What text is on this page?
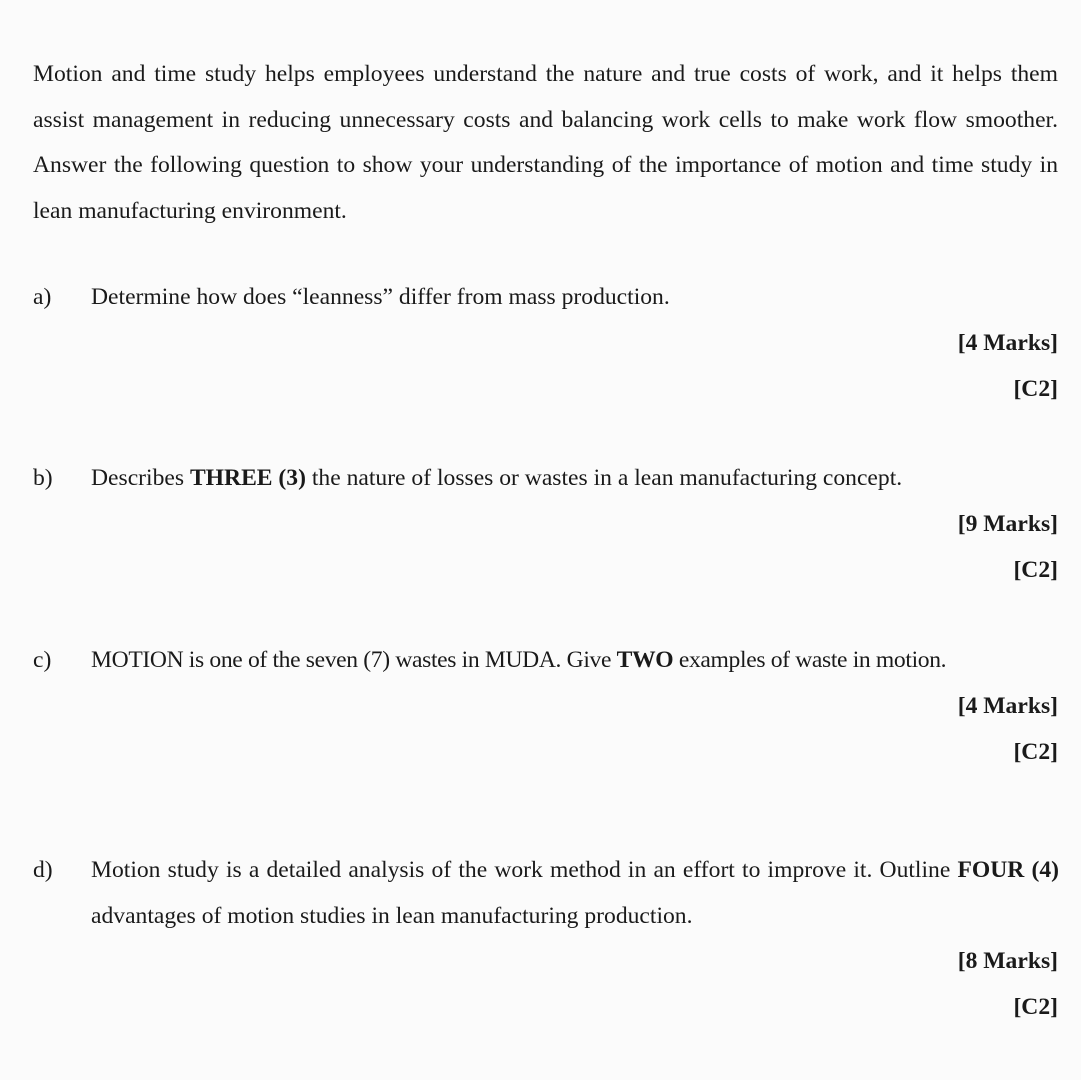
Motion and time study helps employees understand the nature and true costs of work, and it helps them assist management in reducing unnecessary costs and balancing work cells to make work flow smoother. Answer the following question to show your understanding of the importance of motion and time study in lean manufacturing environment.

a) Determine how does “leanness” differ from mass production.
[4 Marks]
[C2]
b) Describes THREE (3) the nature of losses or wastes in a lean manufacturing concept.
[9 Marks]
[C2]
c) MOTION is one of the seven (7) wastes in MUDA. Give TWO examples of waste in motion.
[4 Marks]
[C2]
d) Motion study is a detailed analysis of the work method in an effort to improve it. Outline FOUR (4) advantages of motion studies in lean manufacturing production.
[8 Marks]
[C2]
